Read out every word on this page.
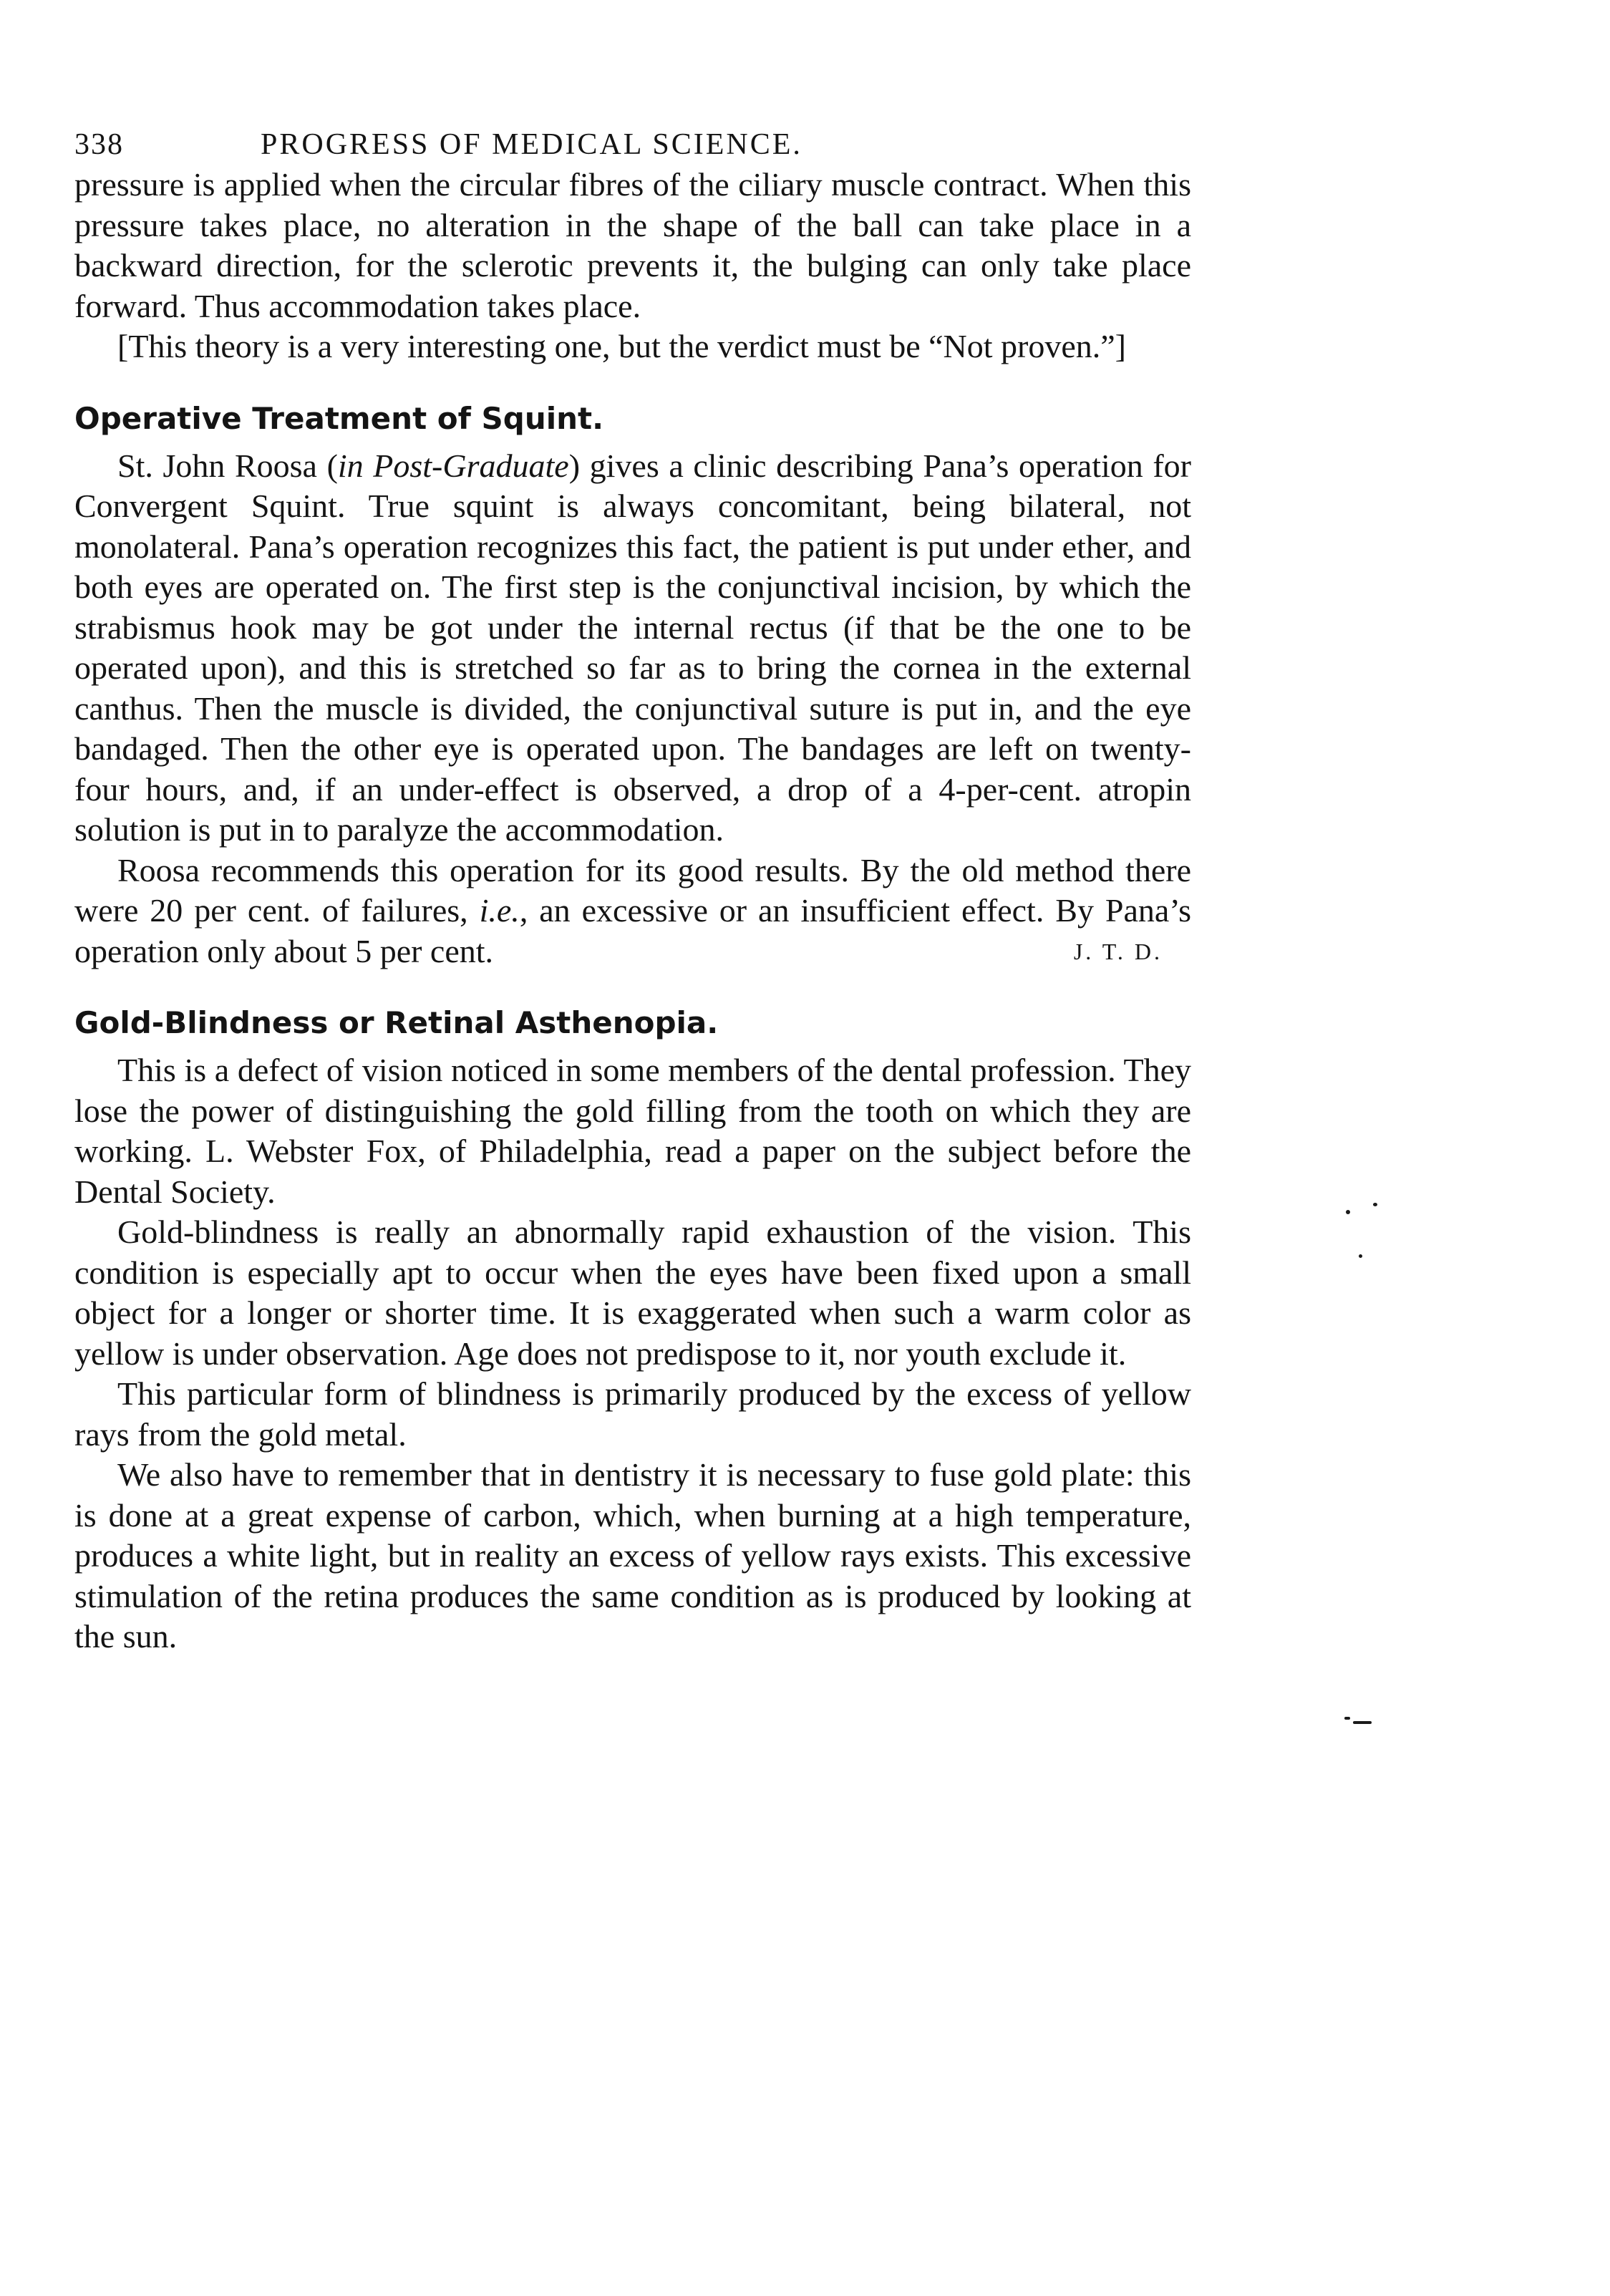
338	PROGRESS OF MEDICAL SCIENCE.

pressure is applied when the circular fibres of the ciliary muscle contract. When this pressure takes place, no alteration in the shape of the ball can take place in a backward direction, for the sclerotic prevents it, the bulging can only take place forward. Thus accommodation takes place.

[This theory is a very interesting one, but the verdict must be “Not proven.”]

Operative Treatment of Squint.

St. John Roosa (in Post-Graduate) gives a clinic describing Pana’s operation for Convergent Squint. True squint is always concomitant, being bilateral, not monolateral. Pana’s operation recognizes this fact, the patient is put under ether, and both eyes are operated on. The first step is the conjunctival incision, by which the strabismus hook may be got under the internal rectus (if that be the one to be operated upon), and this is stretched so far as to bring the cornea in the external canthus. Then the muscle is divided, the conjunctival suture is put in, and the eye bandaged. Then the other eye is operated upon. The bandages are left on twenty-four hours, and, if an under-effect is observed, a drop of a 4-per-cent. atropin solution is put in to paralyze the accommodation.

Roosa recommends this operation for its good results. By the old method there were 20 per cent. of failures, i.e., an excessive or an insufficient effect. By Pana’s operation only about 5 per cent.	J. T. D.

Gold-Blindness or Retinal Asthenopia.

This is a defect of vision noticed in some members of the dental profession. They lose the power of distinguishing the gold filling from the tooth on which they are working. L. Webster Fox, of Philadelphia, read a paper on the subject before the Dental Society.

Gold-blindness is really an abnormally rapid exhaustion of the vision. This condition is especially apt to occur when the eyes have been fixed upon a small object for a longer or shorter time. It is exaggerated when such a warm color as yellow is under observation. Age does not predispose to it, nor youth exclude it.

This particular form of blindness is primarily produced by the excess of yellow rays from the gold metal.

We also have to remember that in dentistry it is necessary to fuse gold plate: this is done at a great expense of carbon, which, when burning at a high temperature, produces a white light, but in reality an excess of yellow rays exists. This excessive stimulation of the retina produces the same condition as is produced by looking at the sun.
